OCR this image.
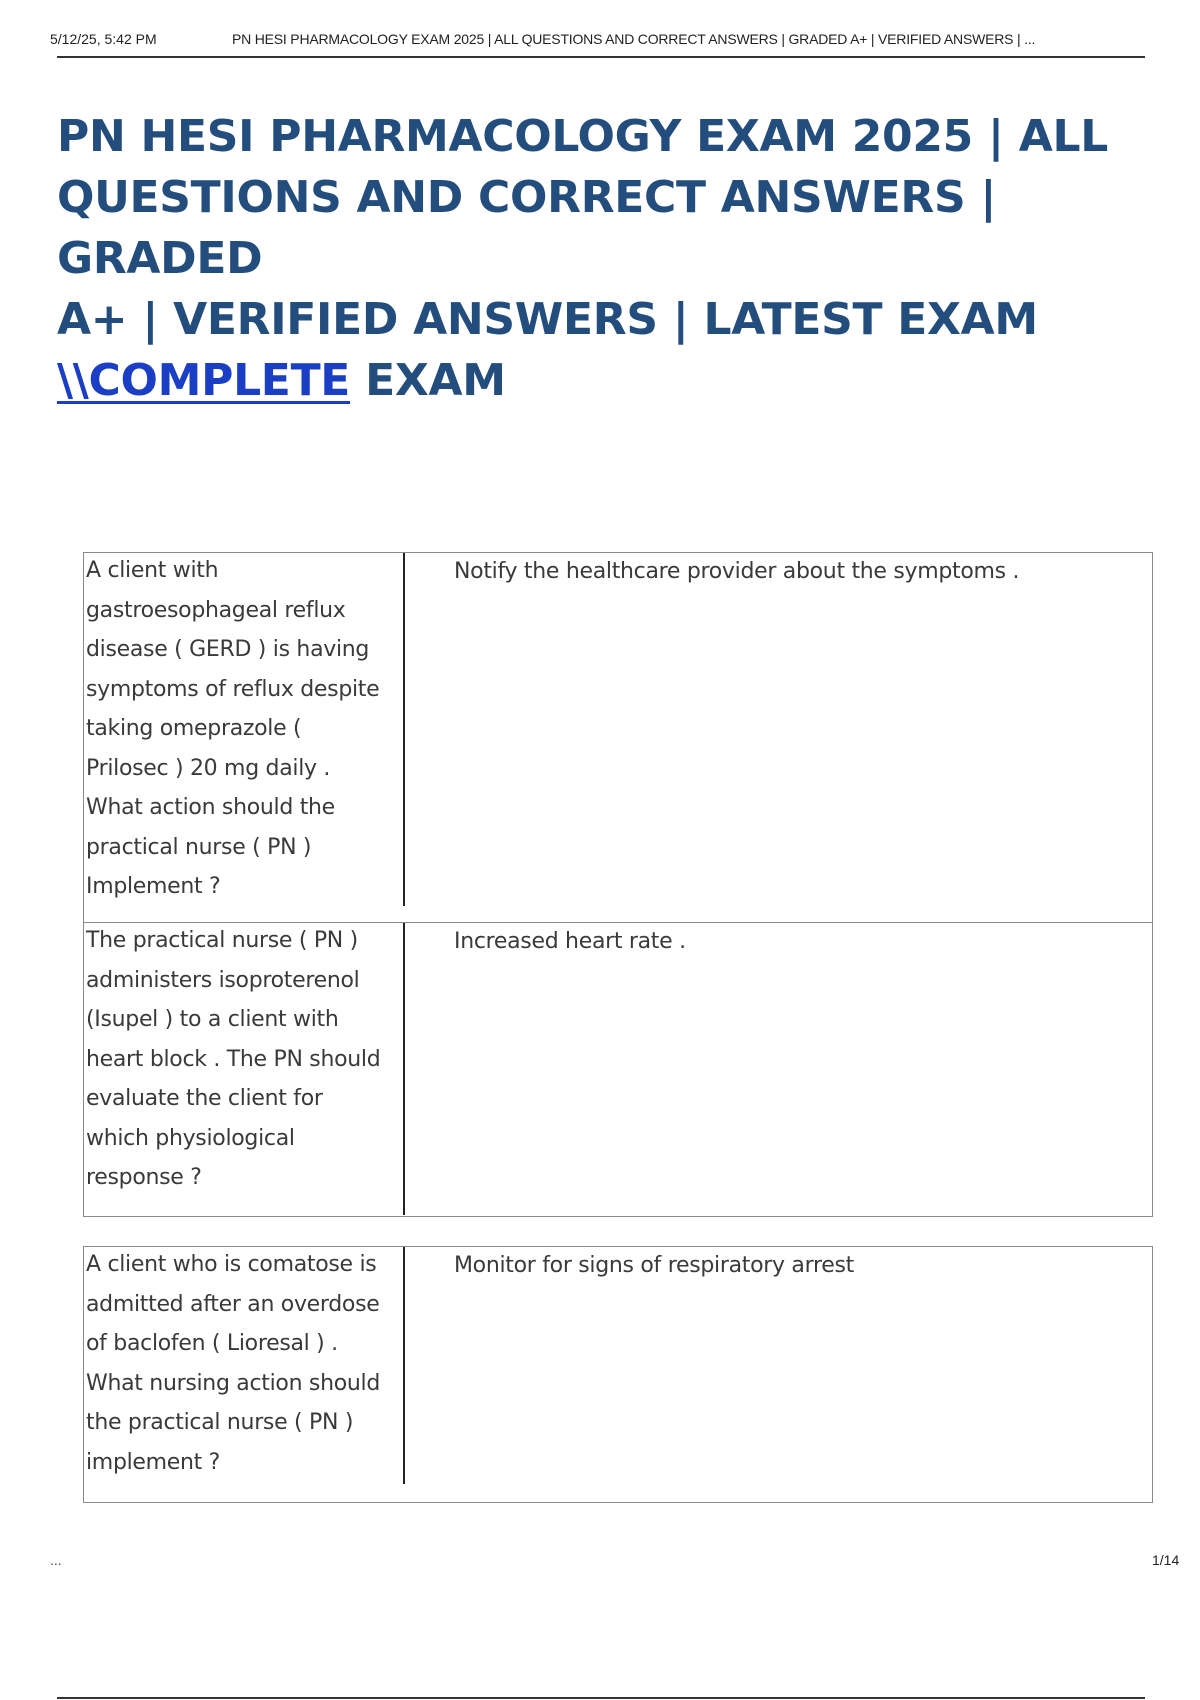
5/12/25, 5:42 PM	PN HESI PHARMACOLOGY EXAM 2025 | ALL QUESTIONS AND CORRECT ANSWERS | GRADED A+ | VERIFIED ANSWERS | ...
PN HESI PHARMACOLOGY EXAM 2025 | ALL
QUESTIONS AND CORRECT ANSWERS | GRADED
A+ | VERIFIED ANSWERS | LATEST EXAM
\\COMPLETE EXAM
A client with gastroesophageal reflux disease ( GERD ) is having symptoms of reflux despite taking omeprazole ( Prilosec ) 20 mg daily . What action should the practical nurse ( PN ) Implement ?
Notify the healthcare provider about the symptoms .
The practical nurse ( PN ) administers isoproterenol (Isupel ) to a client with heart block . The PN should evaluate the client for which physiological response ?
Increased heart rate .
A client who is comatose is admitted after an overdose of baclofen ( Lioresal ) . What nursing action should the practical nurse ( PN ) implement ?
Monitor for signs of respiratory arrest
...	1/14
